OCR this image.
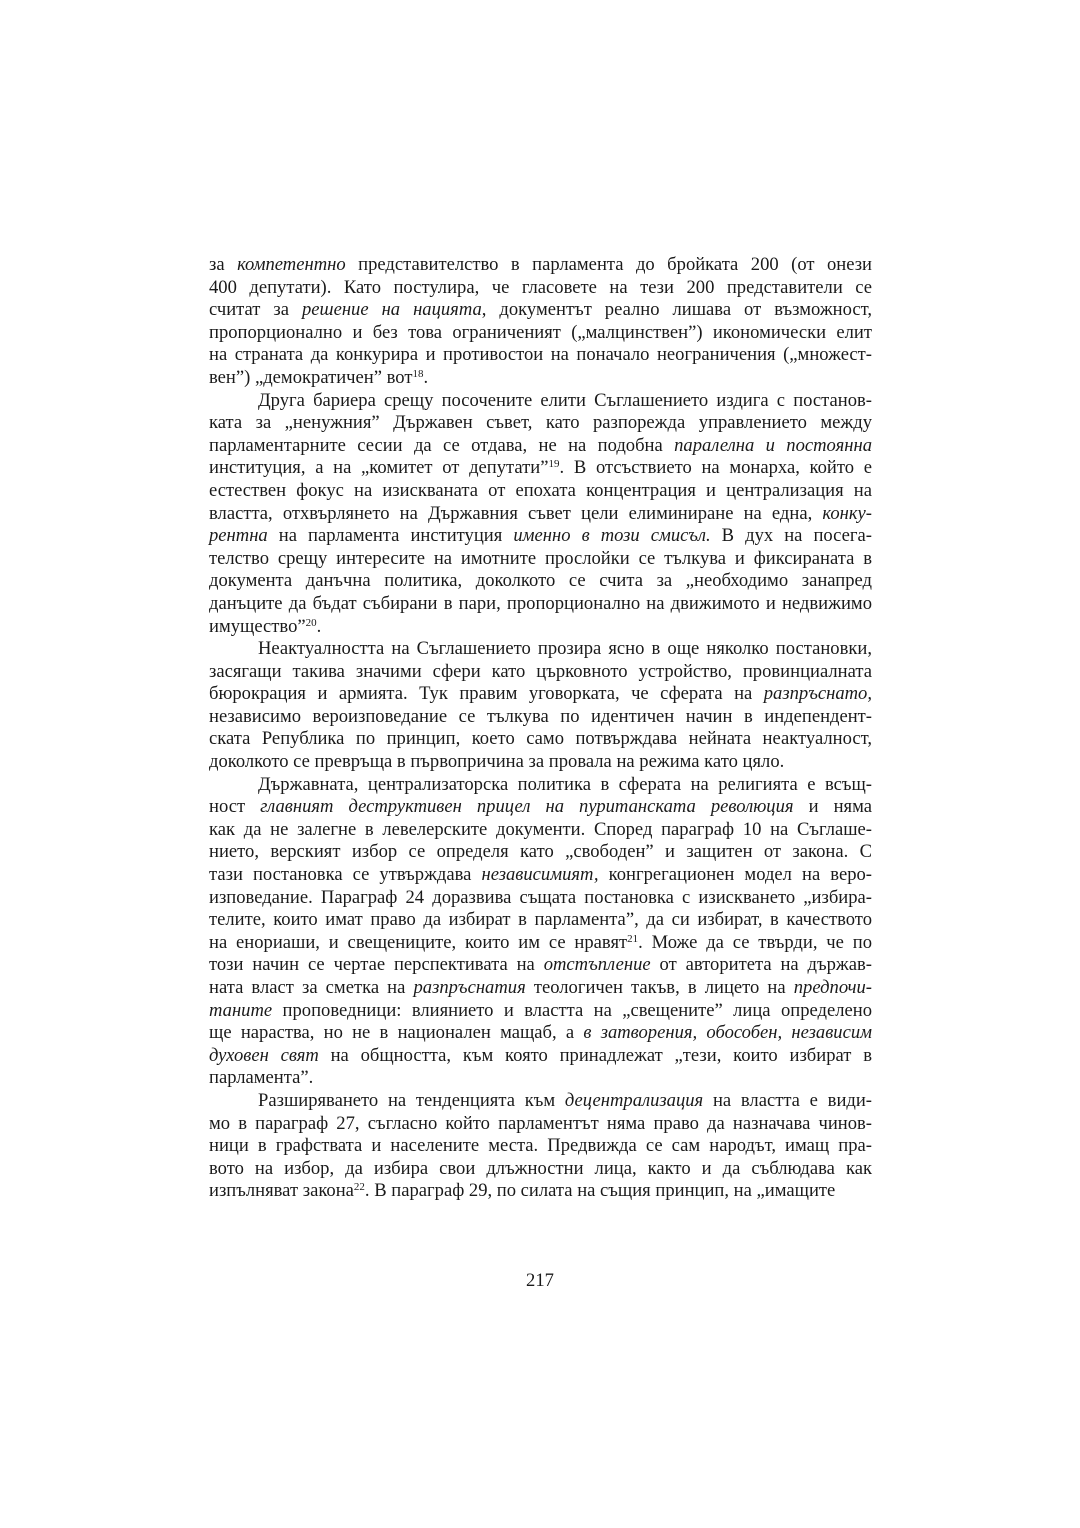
за компетентно представителство в парламента до бройката 200 (от онези
400 депутати). Като постулира, че гласовете на тези 200 представители се
считат за решение на нацията, документът реално лишава от възможност,
пропорционално и без това ограниченият („малцинствен”) икономически елит
на страната да конкурира и противостои на поначало неограничения („множест-
вен”) „демократичен” вот$^{18}$.
Друга бариера срещу посочените елити Съглашението издига с постанов-
ката за „ненужния” Държавен съвет, като разпорежда управлението между
парламентарните сесии да се отдава, не на подобна паралелна и постоянна
институция, а на „комитет от депутати”$^{19}$. В отсъствието на монарха, който е
естествен фокус на изискваната от епохата концентрация и централизация на
властта, отхвърлянето на Държавния съвет цели елиминиране на една, конку-
рентна на парламента институция именно в този смисъл. В дух на посега-
телство срещу интересите на имотните прослойки се тълкува и фиксираната в
документа данъчна политика, доколкото се счита за „необходимо занапред
данъците да бъдат събирани в пари, пропорционално на движимото и недвижимо
имущество”$^{20}$.
Неактуалността на Съглашението прозира ясно в още няколко постановки,
засягащи такива значими сфери като църковното устройство, провинциалната
бюрокрация и армията. Тук правим уговорката, че сферата на разпръснато,
независимо вероизповедание се тълкува по идентичен начин в индепендент-
ската Република по принцип, което само потвърждава нейната неактуалност,
доколкото се превръща в първопричина за провала на режима като цяло.
Държавната, централизаторска политика в сферата на религията е всъщ-
ност главният деструктивен прицел на пуританската революция и няма
как да не залегне в левелерските документи. Според параграф 10 на Съглаше-
нието, верският избор се определя като „свободен” и защитен от закона. С
тази постановка се утвърждава независимият, конгрегационен модел на веро-
изповедание. Параграф 24 доразвива същата постановка с изискването „избира-
телите, които имат право да избират в парламента”, да си избират, в качеството
на енориаши, и свещениците, които им се нравят$^{21}$. Може да се твърди, че по
този начин се чертае перспективата на отстъпление от авторитета на държав-
ната власт за сметка на разпръснатия теологичен такъв, в лицето на предпочи-
таните проповедници: влиянието и властта на „свещените” лица определено
ще нараства, но не в национален мащаб, а в затворения, обособен, независим
духовен свят на общността, към която принадлежат „тези, които избират в
парламента”.
Разширяването на тенденцията към децентрализация на властта е види-
мо в параграф 27, съгласно който парламентът няма право да назначава чинов-
ници в графствата и населените места. Предвижда се сам народът, имащ пра-
вото на избор, да избира свои длъжностни лица, както и да съблюдава как
изпълняват закона$^{22}$. В параграф 29, по силата на същия принцип, на „имащите
217
